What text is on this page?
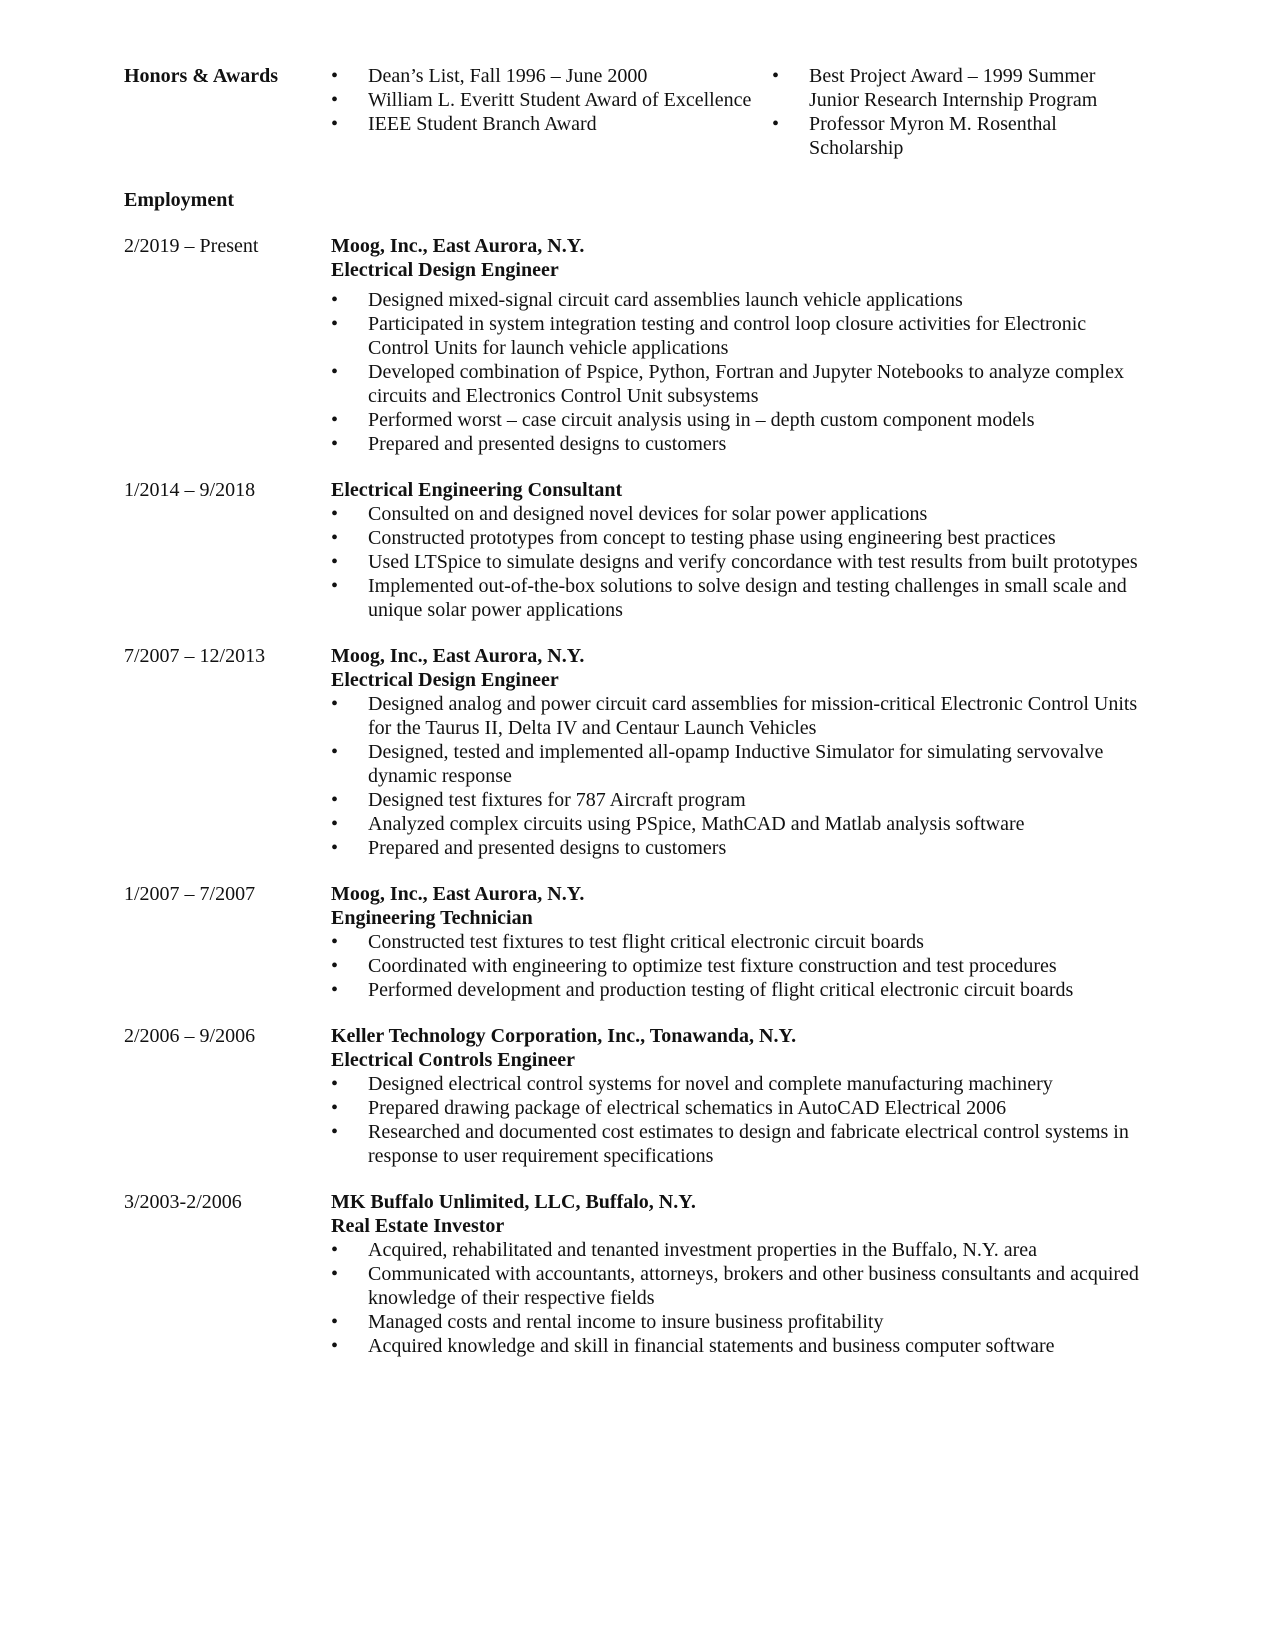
Honors & Awards
•	Dean’s List, Fall 1996 – June 2000
• William L. Everitt Student Award of Excellence
• IEEE Student Branch Award
• Best Project Award – 1999 Summer Junior Research Internship Program
• Professor Myron M. Rosenthal Scholarship
Employment
2/2019 – Present	Moog, Inc., East Aurora, N.Y.
Electrical Design Engineer
• Designed mixed-signal circuit card assemblies launch vehicle applications
• Participated in system integration testing and control loop closure activities for Electronic Control Units for launch vehicle applications
• Developed combination of Pspice, Python, Fortran and Jupyter Notebooks to analyze complex circuits and Electronics Control Unit subsystems
• Performed worst – case circuit analysis using in – depth custom component models
• Prepared and presented designs to customers
1/2014 – 9/2018	Electrical Engineering Consultant
• Consulted on and designed novel devices for solar power applications
• Constructed prototypes from concept to testing phase using engineering best practices
• Used LTSpice to simulate designs and verify concordance with test results from built prototypes
• Implemented out-of-the-box solutions to solve design and testing challenges in small scale and unique solar power applications
7/2007 – 12/2013	Moog, Inc., East Aurora, N.Y.
Electrical Design Engineer
• Designed analog and power circuit card assemblies for mission-critical Electronic Control Units for the Taurus II, Delta IV and Centaur Launch Vehicles
• Designed, tested and implemented all-opamp Inductive Simulator for simulating servovalve dynamic response
• Designed test fixtures for 787 Aircraft program
• Analyzed complex circuits using PSpice, MathCAD and Matlab analysis software
• Prepared and presented designs to customers
1/2007 – 7/2007	Moog, Inc., East Aurora, N.Y.
Engineering Technician
• Constructed test fixtures to test flight critical electronic circuit boards
• Coordinated with engineering to optimize test fixture construction and test procedures
• Performed development and production testing of flight critical electronic circuit boards
2/2006 – 9/2006	Keller Technology Corporation, Inc., Tonawanda, N.Y.
Electrical Controls Engineer
• Designed electrical control systems for novel and complete manufacturing machinery
• Prepared drawing package of electrical schematics in AutoCAD Electrical 2006
• Researched and documented cost estimates to design and fabricate electrical control systems in response to user requirement specifications
3/2003-2/2006	MK Buffalo Unlimited, LLC, Buffalo, N.Y.
Real Estate Investor
• Acquired, rehabilitated and tenanted investment properties in the Buffalo, N.Y. area
• Communicated with accountants, attorneys, brokers and other business consultants and acquired knowledge of their respective fields
• Managed costs and rental income to insure business profitability
• Acquired knowledge and skill in financial statements and business computer software
